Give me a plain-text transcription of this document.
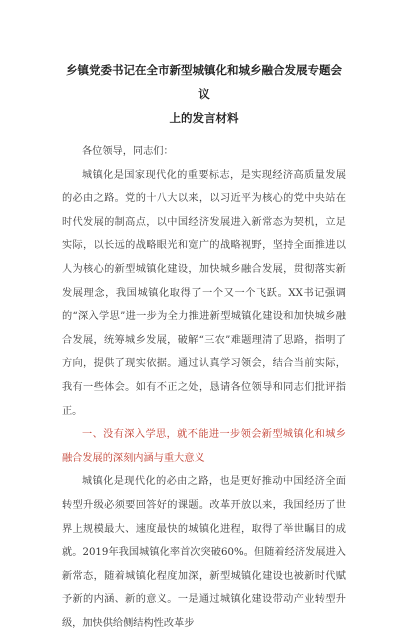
乡镇党委书记在全市新型城镇化和城乡融合发展专题会议
上的发言材料

各位领导，同志们：

城镇化是国家现代化的重要标志，是实现经济高质量发展的必由之路。党的十八大以来，以习近平为核心的党中央站在时代发展的制高点，以中国经济发展进入新常态为契机，立足实际，以长远的战略眼光和宽广的战略视野，坚持全面推进以人为核心的新型城镇化建设，加快城乡融合发展，贯彻落实新发展理念，我国城镇化取得了一个又一个飞跃。XX书记强调的“深入学思”进一步为全力推进新型城镇化建设和加快城乡融合发展，统筹城乡发展，破解“三农”难题理清了思路，指明了方向，提供了现实依据。通过认真学习领会，结合当前实际，我有一些体会。如有不正之处，恳请各位领导和同志们批评指正。

一、没有深入学思，就不能进一步领会新型城镇化和城乡融合发展的深刻内涵与重大意义

城镇化是现代化的必由之路，也是更好推动中国经济全面转型升级必须要回答好的课题。改革开放以来，我国经历了世界上规模最大、速度最快的城镇化进程，取得了举世瞩目的成就。2019年我国城镇化率首次突破60%。但随着经济发展进入新常态，随着城镇化程度加深，新型城镇化建设也被新时代赋予新的内涵、新的意义。一是通过城镇化建设带动产业转型升级，加快供给侧结构性改革步
